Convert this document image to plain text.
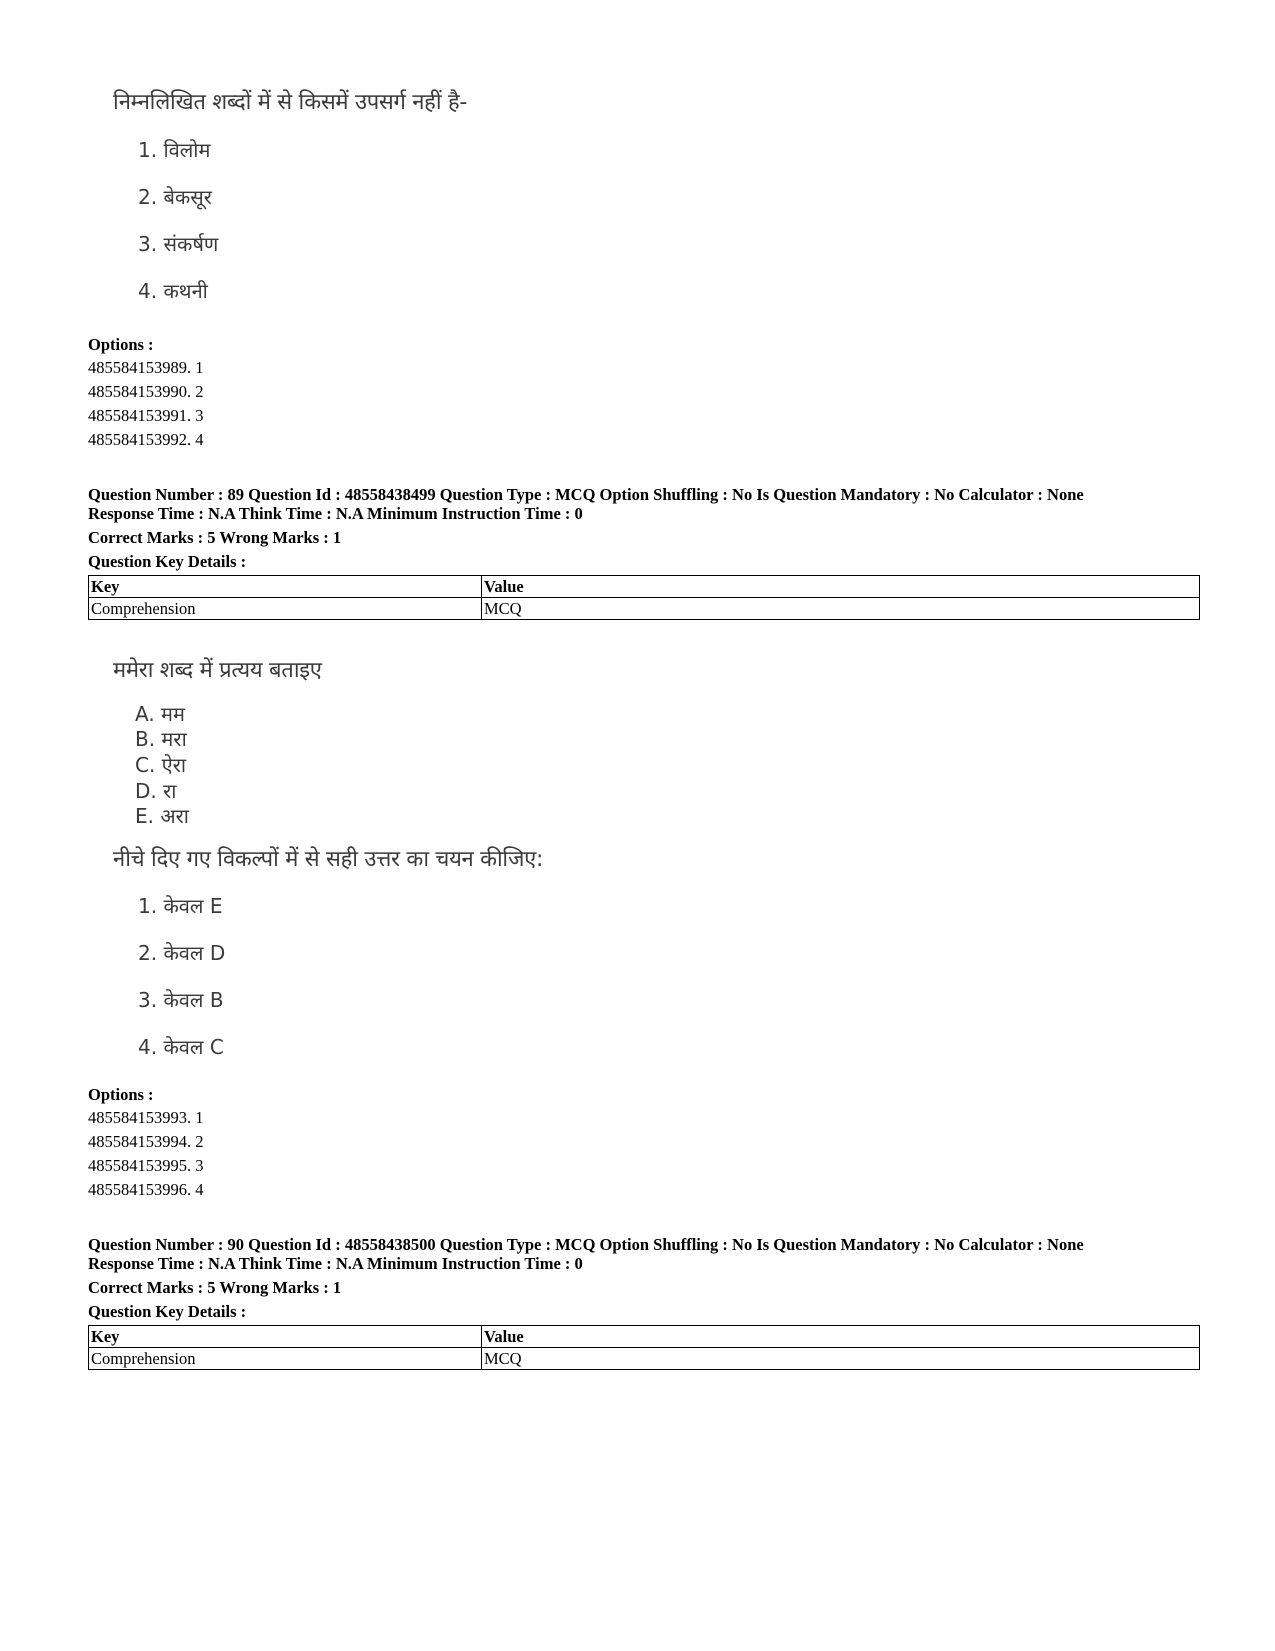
निम्नलिखित शब्दों में से किसमें उपसर्ग नहीं है-
1. विलोम
2. बेकसूर
3. संकर्षण
4. कथनी
Options :
485584153989. 1
485584153990. 2
485584153991. 3
485584153992. 4
Question Number : 89 Question Id : 48558438499 Question Type : MCQ Option Shuffling : No Is Question Mandatory : No Calculator : None
Response Time : N.A Think Time : N.A Minimum Instruction Time : 0
Correct Marks : 5 Wrong Marks : 1
Question Key Details :
Key	Value
Comprehension	MCQ
ममेरा शब्द में प्रत्यय बताइए
A. मम
B. मरा
C. ऐरा
D. रा
E. अरा
नीचे दिए गए विकल्पों में से सही उत्तर का चयन कीजिए:
1. केवल E
2. केवल D
3. केवल B
4. केवल C
Options :
485584153993. 1
485584153994. 2
485584153995. 3
485584153996. 4
Question Number : 90 Question Id : 48558438500 Question Type : MCQ Option Shuffling : No Is Question Mandatory : No Calculator : None
Response Time : N.A Think Time : N.A Minimum Instruction Time : 0
Correct Marks : 5 Wrong Marks : 1
Question Key Details :
Key	Value
Comprehension	MCQ
